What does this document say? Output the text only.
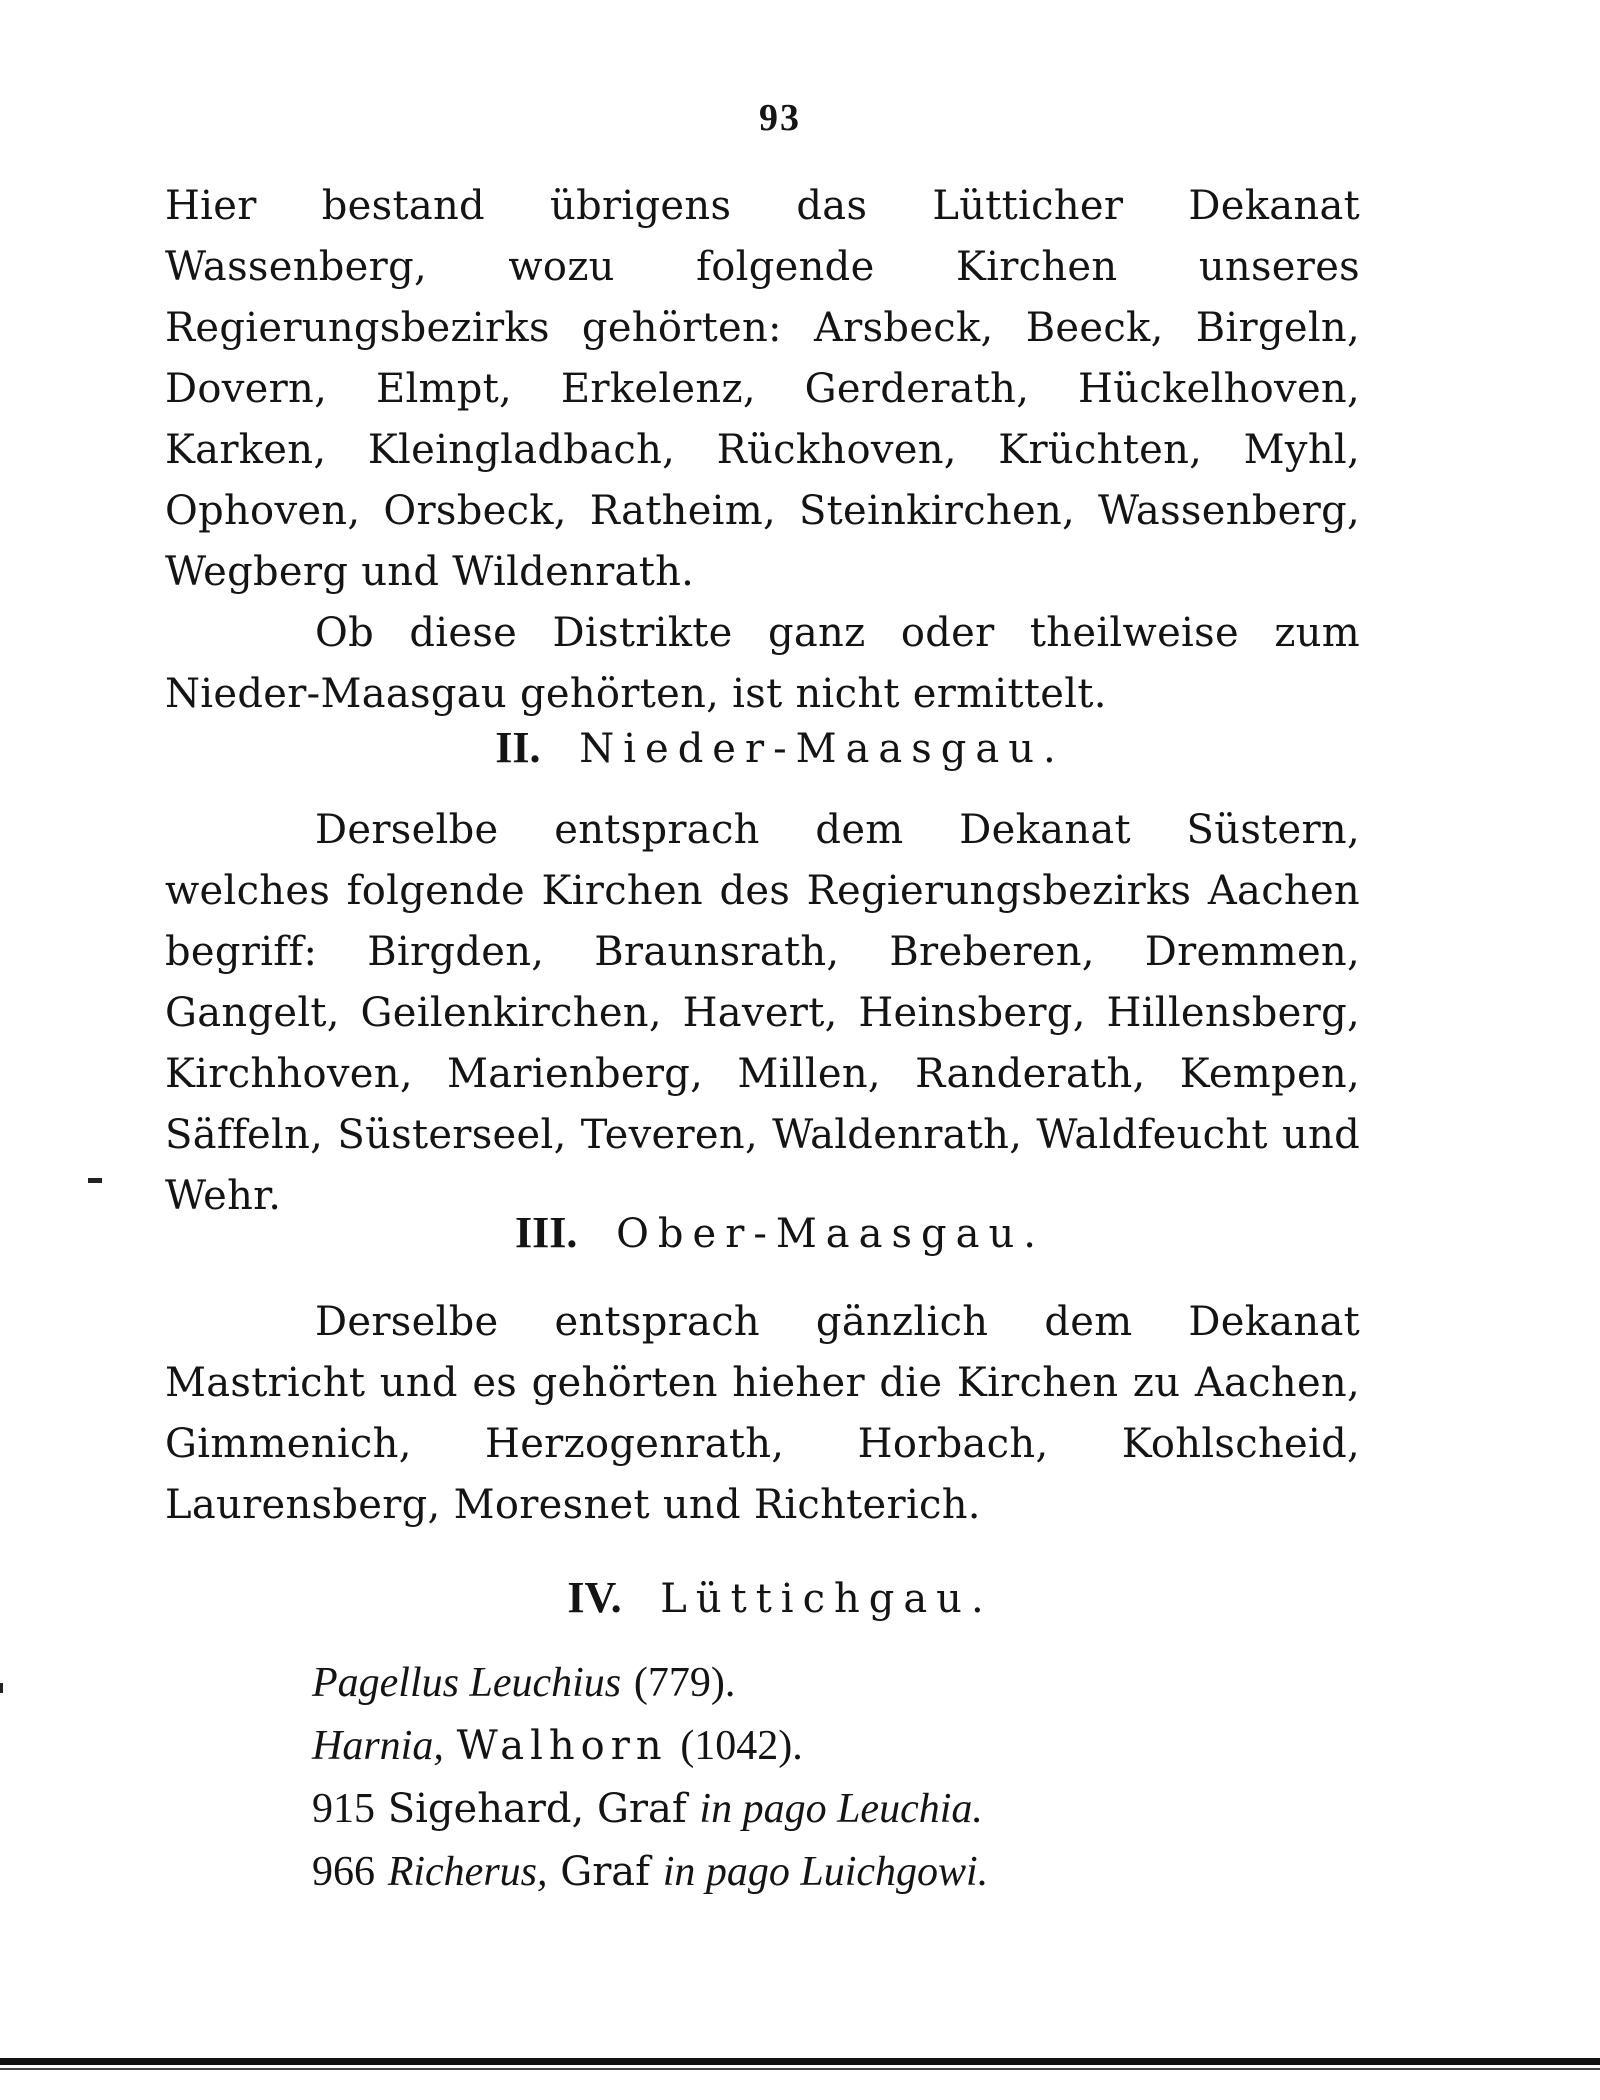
93

Hier bestand übrigens das Lütticher Dekanat Wassenberg, wozu folgende Kirchen unseres Regierungsbezirks gehörten: Arsbeck, Beeck, Birgeln, Dovern, Elmpt, Erkelenz, Gerderath, Hückelhoven, Karken, Kleingladbach, Rückhoven, Krüchten, Myhl, Ophoven, Orsbeck, Ratheim, Steinkirchen, Wassenberg, Wegberg und Wildenrath.

Ob diese Distrikte ganz oder theilweise zum Nieder-Maasgau gehörten, ist nicht ermittelt.

II. Nieder-Maasgau.

Derselbe entsprach dem Dekanat Süstern, welches folgende Kirchen des Regierungsbezirks Aachen begriff: Birgden, Braunsrath, Breberen, Dremmen, Gangelt, Geilenkirchen, Havert, Heinsberg, Hillensberg, Kirchhoven, Marienberg, Millen, Randerath, Kempen, Säffeln, Süsterseel, Teveren, Waldenrath, Waldfeucht und Wehr.

III. Ober-Maasgau.

Derselbe entsprach gänzlich dem Dekanat Mastricht und es gehörten hieher die Kirchen zu Aachen, Gimmenich, Herzogenrath, Horbach, Kohlscheid, Laurensberg, Moresnet und Richterich.

IV. Lüttichgau.
Pagellus Leuchius (779).
Harnia, Walhorn (1042).
915 Sigehard, Graf in pago Leuchia.
966 Richerus, Graf in pago Luichgowi.
